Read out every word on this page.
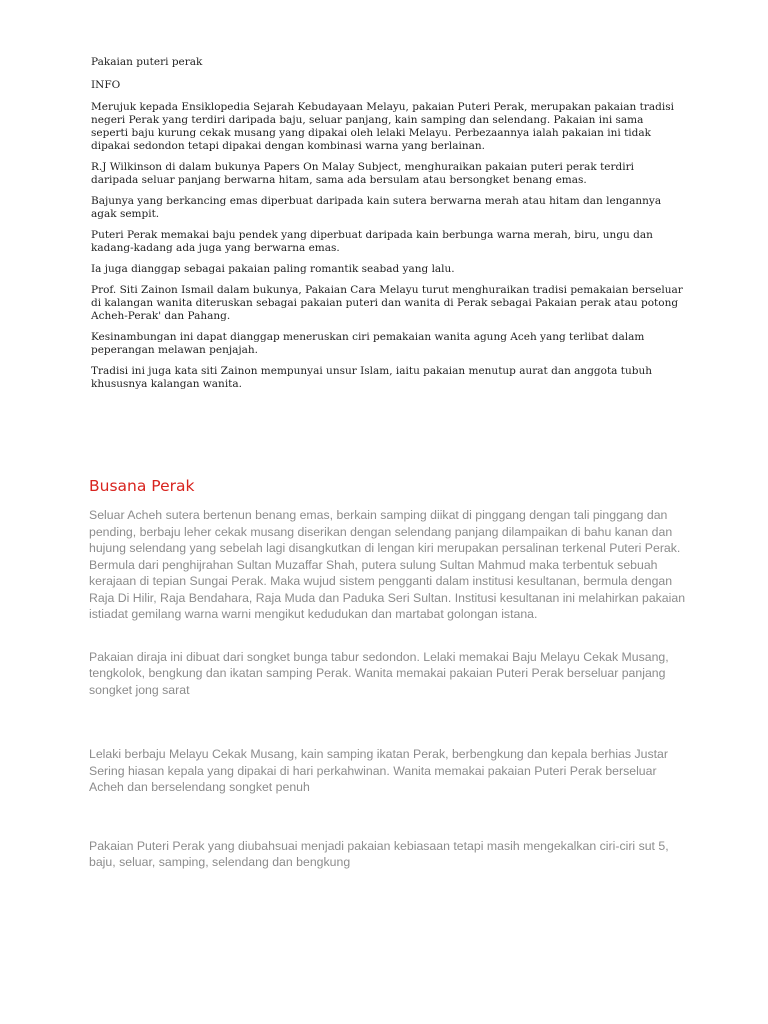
Pakaian puteri perak

INFO

Merujuk kepada Ensiklopedia Sejarah Kebudayaan Melayu, pakaian Puteri Perak, merupakan pakaian tradisi negeri Perak yang terdiri daripada baju, seluar panjang, kain samping dan selendang. Pakaian ini sama seperti baju kurung cekak musang yang dipakai oleh lelaki Melayu. Perbezaannya ialah pakaian ini tidak dipakai sedondon tetapi dipakai dengan kombinasi warna yang berlainan.

R.J Wilkinson di dalam bukunya Papers On Malay Subject, menghuraikan pakaian puteri perak terdiri daripada seluar panjang berwarna hitam, sama ada bersulam atau bersongket benang emas.

Bajunya yang berkancing emas diperbuat daripada kain sutera berwarna merah atau hitam dan lengannya agak sempit.

Puteri Perak memakai baju pendek yang diperbuat daripada kain berbunga warna merah, biru, ungu dan kadang-kadang ada juga yang berwarna emas.

Ia juga dianggap sebagai pakaian paling romantik seabad yang lalu.

Prof. Siti Zainon Ismail dalam bukunya, Pakaian Cara Melayu turut menghuraikan tradisi pemakaian berseluar di kalangan wanita diteruskan sebagai pakaian puteri dan wanita di Perak sebagai Pakaian perak atau potong Acheh-Perak' dan Pahang.

Kesinambungan ini dapat dianggap meneruskan ciri pemakaian wanita agung Aceh yang terlibat dalam peperangan melawan penjajah.

Tradisi ini juga kata siti Zainon mempunyai unsur Islam, iaitu pakaian menutup aurat dan anggota tubuh khususnya kalangan wanita.

Busana Perak
Seluar Acheh sutera bertenun benang emas, berkain samping diikat di pinggang dengan tali pinggang dan pending, berbaju leher cekak musang diserikan dengan selendang panjang dilampaikan di bahu kanan dan hujung selendang yang sebelah lagi disangkutkan di lengan kiri merupakan persalinan terkenal Puteri Perak.
Bermula dari penghijrahan Sultan Muzaffar Shah, putera sulung Sultan Mahmud maka terbentuk sebuah kerajaan di tepian Sungai Perak. Maka wujud sistem pengganti dalam institusi kesultanan, bermula dengan Raja Di Hilir, Raja Bendahara, Raja Muda dan Paduka Seri Sultan. Institusi kesultanan ini melahirkan pakaian istiadat gemilang warna warni mengikut kedudukan dan martabat golongan istana.
Pakaian diraja ini dibuat dari songket bunga tabur sedondon. Lelaki memakai Baju Melayu Cekak Musang, tengkolok, bengkung dan ikatan samping Perak. Wanita memakai pakaian Puteri Perak berseluar panjang songket jong sarat
Lelaki berbaju Melayu Cekak Musang, kain samping ikatan Perak, berbengkung dan kepala berhias Justar Sering hiasan kepala yang dipakai di hari perkahwinan. Wanita memakai pakaian Puteri Perak berseluar Acheh dan berselendang songket penuh
Pakaian Puteri Perak yang diubahsuai menjadi pakaian kebiasaan tetapi masih mengekalkan ciri-ciri sut 5, baju, seluar, samping, selendang dan bengkung
